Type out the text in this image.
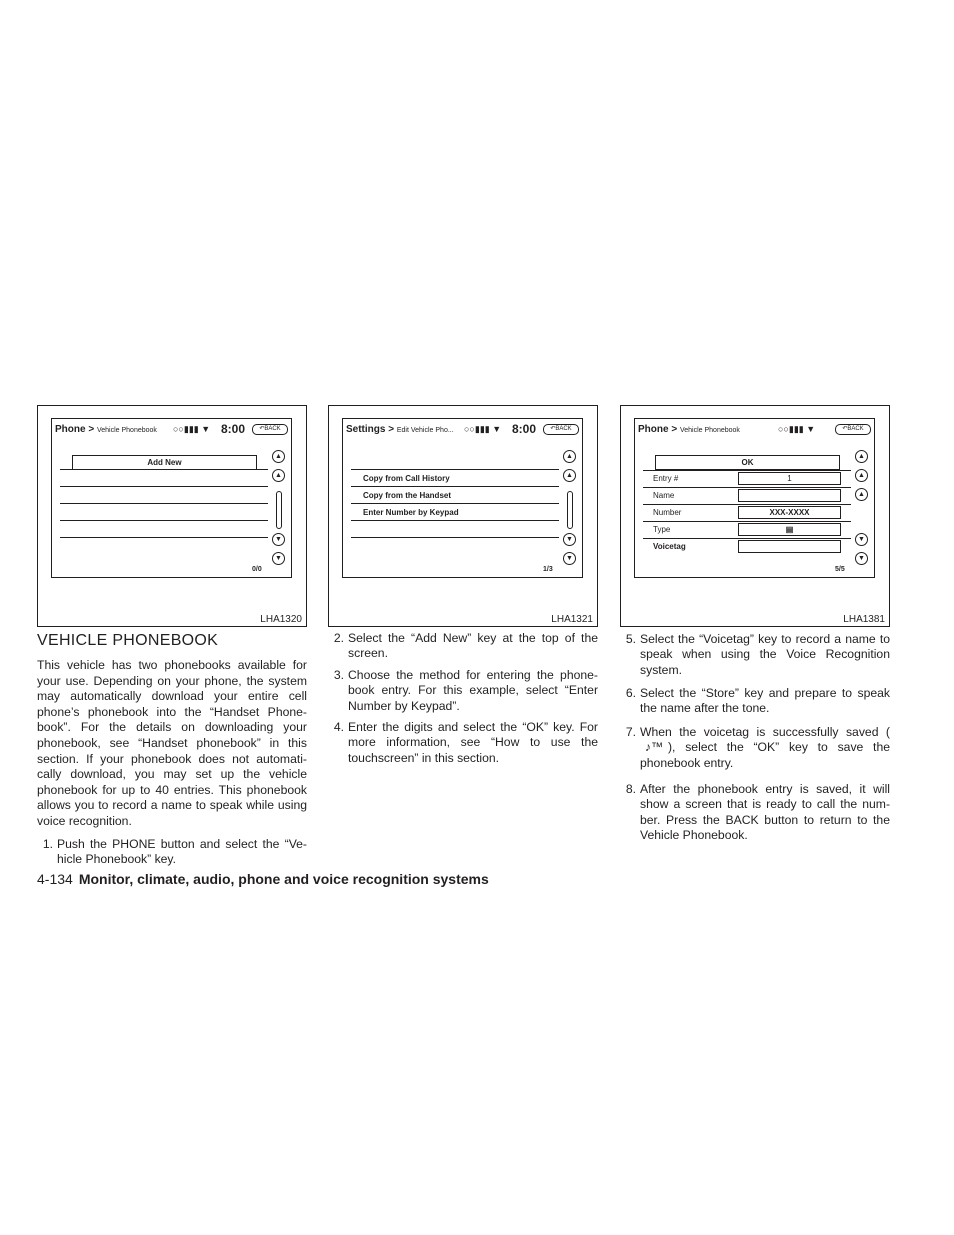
Phone > Vehicle Phonebook ○○▮▮▮ ▼ 8:00	↶BACK
Add New
▲
▲
▼
▼
0/0
LHA1320
Settings > Edit Vehicle Pho... ○○▮▮▮ ▼ 8:00	↶BACK
Copy from Call History
Copy from the Handset
Enter Number by Keypad
▲
▲
▼
▼
1/3
LHA1321
Phone > Vehicle Phonebook	○○▮▮▮ ▼	↶BACK
OK
Entry #	1
Name
Number	XXX-XXXX
Type	▤
Voicetag
▲
▲
▲
▼
▼
5/5
LHA1381
VEHICLE PHONEBOOK

This vehicle has two phonebooks available for your use. Depending on your phone, the system may automatically download your entire cell phone’s phonebook into the “Handset Phone-book”. For the details on downloading your phonebook, see “Handset phonebook” in this section. If your phonebook does not automati-cally download, you may set up the vehicle phonebook for up to 40 entries. This phonebook allows you to record a name to speak while using voice recognition.

1. Push the PHONE button and select the “Ve-hicle Phonebook” key.
2. Select the “Add New” key at the top of the screen.
3. Choose the method for entering the phone-book entry. For this example, select “Enter Number by Keypad”.
4. Enter the digits and select the “OK” key. For more information, see “How to use the touchscreen” in this section.
5. Select the “Voicetag” key to record a name to speak when using the Voice Recognition system.
6. Select the “Store” key and prepare to speak the name after the tone.
7. When the voicetag is successfully saved (♪™ ), select the “OK” key to save the phonebook entry.
8. After the phonebook entry is saved, it will show a screen that is ready to call the num-ber. Press the BACK button to return to the Vehicle Phonebook.
4-134 Monitor, climate, audio, phone and voice recognition systems
